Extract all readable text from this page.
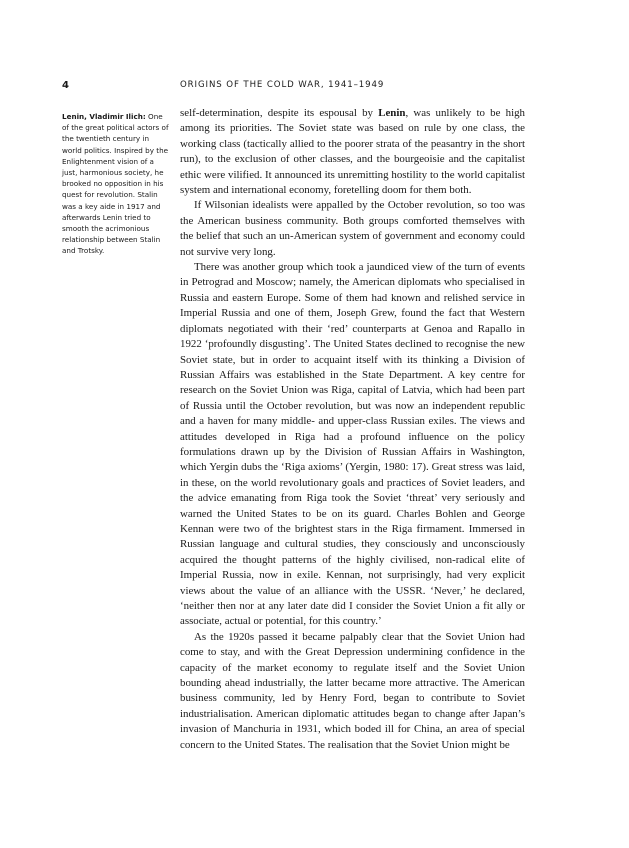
4	ORIGINS OF THE COLD WAR, 1941–1949
Lenin, Vladimir Ilich: One of the great political actors of the twentieth century in world politics. Inspired by the Enlightenment vision of a just, harmonious society, he brooked no opposition in his quest for revolution. Stalin was a key aide in 1917 and afterwards Lenin tried to smooth the acrimonious relationship between Stalin and Trotsky.

self-determination, despite its espousal by Lenin, was unlikely to be high among its priorities. The Soviet state was based on rule by one class, the working class (tactically allied to the poorer strata of the peasantry in the short run), to the exclusion of other classes, and the bourgeoisie and the capitalist ethic were vilified. It announced its unremitting hostility to the world capitalist system and international economy, foretelling doom for them both.

If Wilsonian idealists were appalled by the October revolution, so too was the American business community. Both groups comforted themselves with the belief that such an un-American system of government and economy could not survive very long.

There was another group which took a jaundiced view of the turn of events in Petrograd and Moscow; namely, the American diplomats who specialised in Russia and eastern Europe. Some of them had known and relished service in Imperial Russia and one of them, Joseph Grew, found the fact that Western diplomats negotiated with their ‘red’ counterparts at Genoa and Rapallo in 1922 ‘profoundly disgusting’. The United States declined to recognise the new Soviet state, but in order to acquaint itself with its thinking a Division of Russian Affairs was established in the State Department. A key centre for research on the Soviet Union was Riga, capital of Latvia, which had been part of Russia until the October revolution, but was now an independent republic and a haven for many middle- and upper-class Russian exiles. The views and attitudes developed in Riga had a profound influence on the policy formulations drawn up by the Division of Russian Affairs in Washington, which Yergin dubs the ‘Riga axioms’ (Yergin, 1980: 17). Great stress was laid, in these, on the world revolutionary goals and practices of Soviet leaders, and the advice emanating from Riga took the Soviet ‘threat’ very seriously and warned the United States to be on its guard. Charles Bohlen and George Kennan were two of the brightest stars in the Riga firmament. Immersed in Russian language and cultural studies, they consciously and unconsciously acquired the thought patterns of the highly civilised, non-radical elite of Imperial Russia, now in exile. Kennan, not surprisingly, had very explicit views about the value of an alliance with the USSR. ‘Never,’ he declared, ‘neither then nor at any later date did I consider the Soviet Union a fit ally or associate, actual or potential, for this country.’

As the 1920s passed it became palpably clear that the Soviet Union had come to stay, and with the Great Depression undermining confidence in the capacity of the market economy to regulate itself and the Soviet Union bounding ahead industrially, the latter became more attractive. The American business community, led by Henry Ford, began to contribute to Soviet industrialisation. American diplomatic attitudes began to change after Japan’s invasion of Manchuria in 1931, which boded ill for China, an area of special concern to the United States. The realisation that the Soviet Union might be
